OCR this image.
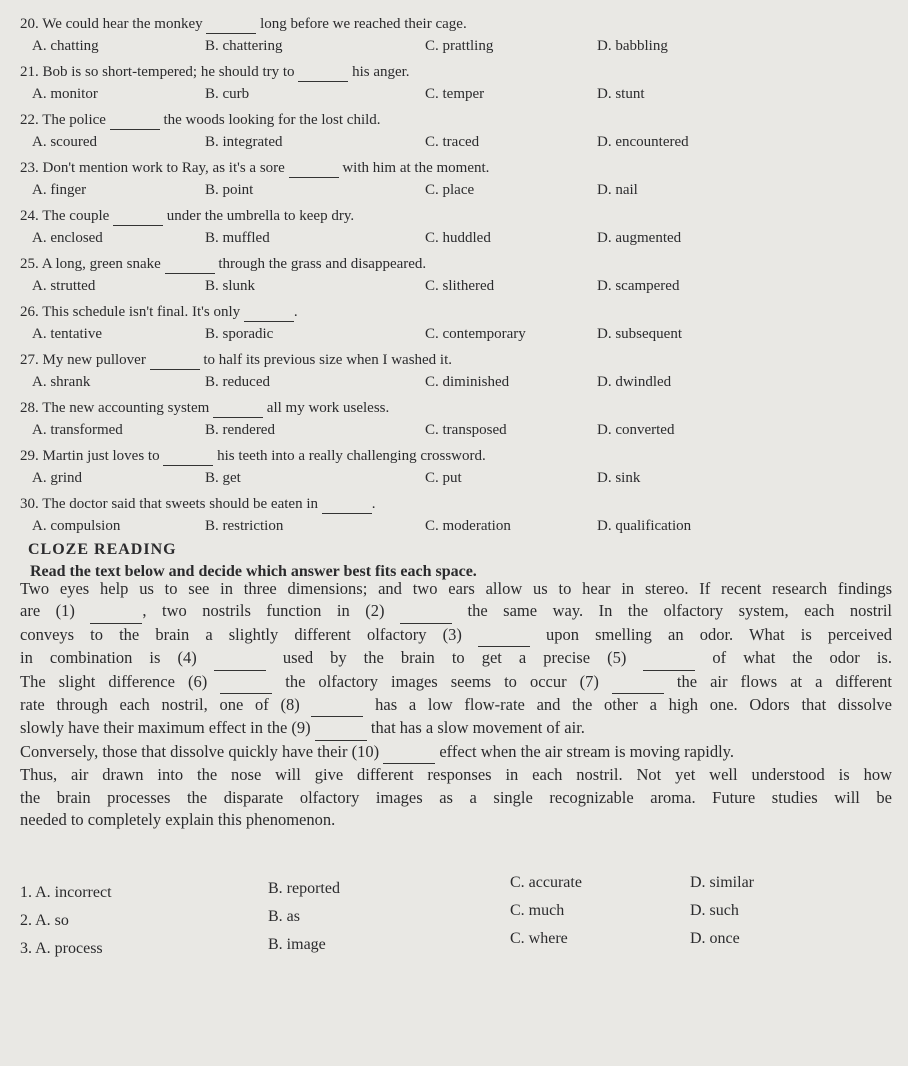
20. We could hear the monkey	long before we reached their cage.
A. chatting	B. chattering	C. prattling	D. babbling
21. Bob is so short-tempered; he should try to	his anger.
A. monitor	B. curb	C. temper	D. stunt
22. The police	the woods looking for the lost child.
A. scoured	B. integrated	C. traced	D. encountered
23. Don't mention work to Ray, as it's a sore	with him at the moment.
A. finger	B. point	C. place	D. nail
24. The couple	under the umbrella to keep dry.
A. enclosed	B. muffled	C. huddled	D. augmented
25. A long, green snake	through the grass and disappeared.
A. strutted	B. slunk	C. slithered	D. scampered
26. This schedule isn't final. It's only	.
A. tentative	B. sporadic	C. contemporary	D. subsequent
27. My new pullover	to half its previous size when I washed it.
A. shrank	B. reduced	C. diminished	D. dwindled
28. The new accounting system	all my work useless.
A. transformed	B. rendered	C. transposed	D. converted
29. Martin just loves to	his teeth into a really challenging crossword.
A. grind	B. get	C. put	D. sink
30. The doctor said that sweets should be eaten in	.
A. compulsion	B. restriction	C. moderation	D. qualification
CLOZE READING
Read the text below and decide which answer best fits each space.
Two eyes help us to see in three dimensions; and two ears allow us to hear in stereo. If recent research findings
are (1)	, two nostrils function in (2)	the same way. In the olfactory system, each nostril
conveys to the brain a slightly different olfactory (3)	upon smelling an odor. What is perceived
in combination is (4)	used by the brain to get a precise (5)	of what the odor is.
The slight difference (6)	the olfactory images seems to occur (7)	the air flows at a different
rate through each nostril, one of (8)	has a low flow-rate and the other a high one. Odors that dissolve
slowly have their maximum effect in the (9)	that has a slow movement of air.
Conversely, those that dissolve quickly have their (10)	effect when the air stream is moving rapidly.
Thus, air drawn into the nose will give different responses in each nostril. Not yet well understood is how
the brain processes the disparate olfactory images as a single recognizable aroma. Future studies will be
needed to completely explain this phenomenon.
1. A. incorrect	B. reported	C. accurate	D. similar
2. A. so	B. as	C. much	D. such
3. A. process	B. image	C. where	D. once
